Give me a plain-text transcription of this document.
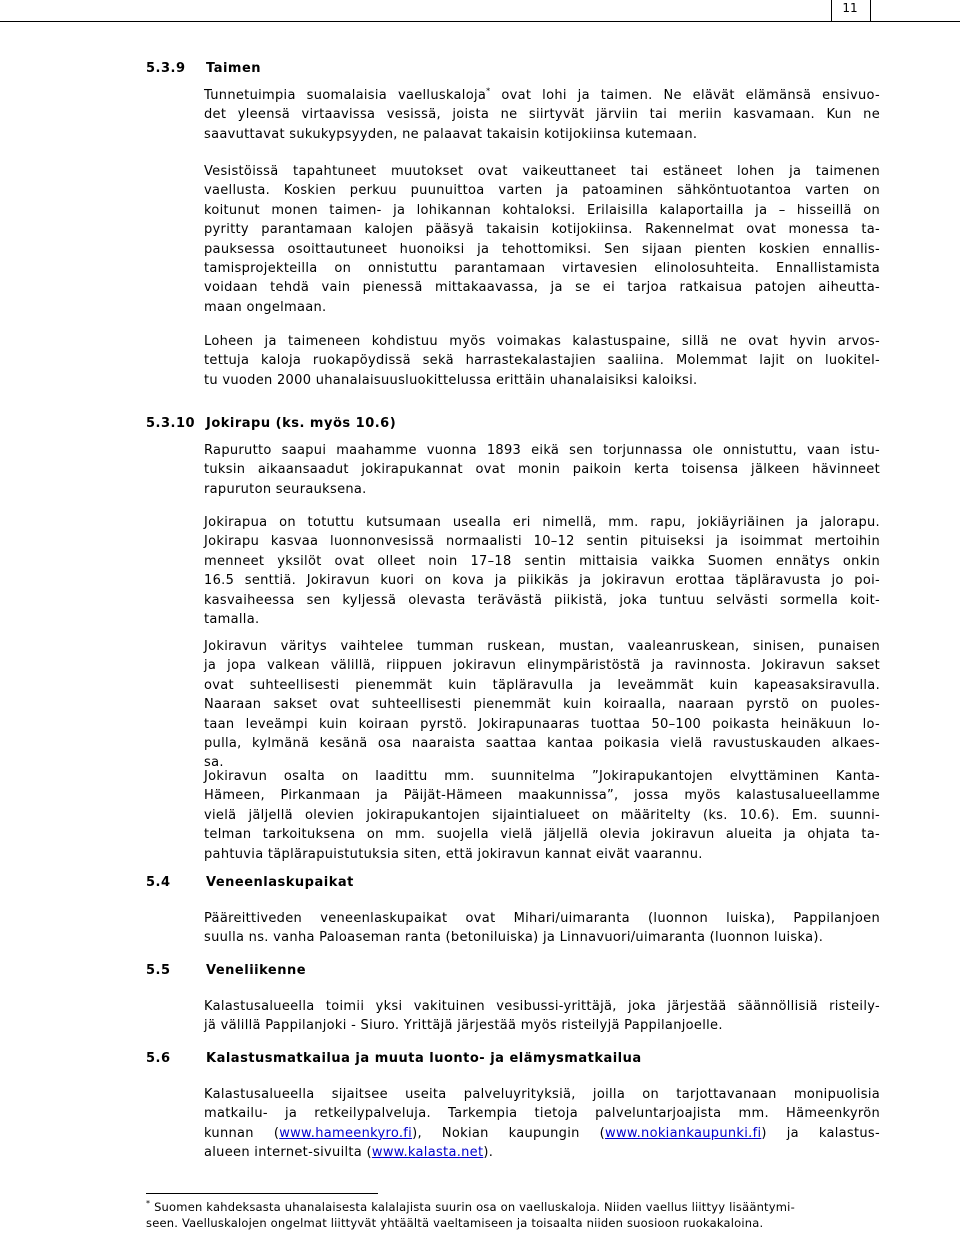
11
5.3.9 Taimen
Tunnetuimpia suomalaisia vaelluskaloja* ovat lohi ja taimen. Ne elävät elämänsä ensivuo-
det yleensä virtaavissa vesissä, joista ne siirtyvät järviin tai meriin kasvamaan. Kun ne
saavuttavat sukukypsyyden, ne palaavat takaisin kotijokiinsa kutemaan.
Vesistöissä tapahtuneet muutokset ovat vaikeuttaneet tai estäneet lohen ja taimenen
vaellusta. Koskien perkuu puunuittoa varten ja patoaminen sähköntuotantoa varten on
koitunut monen taimen- ja lohikannan kohtaloksi. Erilaisilla kalaportailla ja – hisseillä on
pyritty parantamaan kalojen pääsyä takaisin kotijokiinsa. Rakennelmat ovat monessa ta-
pauksessa osoittautuneet huonoiksi ja tehottomiksi. Sen sijaan pienten koskien ennallis-
tamisprojekteilla on onnistuttu parantamaan virtavesien elinolosuhteita. Ennallistamista
voidaan tehdä vain pienessä mittakaavassa, ja se ei tarjoa ratkaisua patojen aiheutta-
maan ongelmaan.
Loheen ja taimeneen kohdistuu myös voimakas kalastuspaine, sillä ne ovat hyvin arvos-
tettuja kaloja ruokapöydissä sekä harrastekalastajien saaliina. Molemmat lajit on luokitel-
tu vuoden 2000 uhanalaisuusluokittelussa erittäin uhanalaisiksi kaloiksi.
5.3.10 Jokirapu (ks. myös 10.6)
Rapurutto saapui maahamme vuonna 1893 eikä sen torjunnassa ole onnistuttu, vaan istu-
tuksin aikaansaadut jokirapukannat ovat monin paikoin kerta toisensa jälkeen hävinneet
rapuruton seurauksena.
Jokirapua on totuttu kutsumaan usealla eri nimellä, mm. rapu, jokiäyriäinen ja jalorapu.
Jokirapu kasvaa luonnonvesissä normaalisti 10–12 sentin pituiseksi ja isoimmat mertoihin
menneet yksilöt ovat olleet noin 17–18 sentin mittaisia vaikka Suomen ennätys onkin
16.5 senttiä. Jokiravun kuori on kova ja piikikäs ja jokiravun erottaa täpläravusta jo poi-
kasvaiheessa sen kyljessä olevasta terävästä piikistä, joka tuntuu selvästi sormella koit-
tamalla.
Jokiravun väritys vaihtelee tumman ruskean, mustan, vaaleanruskean, sinisen, punaisen
ja jopa valkean välillä, riippuen jokiravun elinympäristöstä ja ravinnosta. Jokiravun sakset
ovat suhteellisesti pienemmät kuin täpläravulla ja leveämmät kuin kapeasaksiravulla.
Naaraan sakset ovat suhteellisesti pienemmät kuin koiraalla, naaraan pyrstö on puoles-
taan leveämpi kuin koiraan pyrstö. Jokirapunaaras tuottaa 50–100 poikasta heinäkuun lo-
pulla, kylmänä kesänä osa naaraista saattaa kantaa poikasia vielä ravustuskauden alkaes-
sa.
Jokiravun osalta on laadittu mm. suunnitelma ”Jokirapukantojen elvyttäminen Kanta-
Hämeen, Pirkanmaan ja Päijät-Hämeen maakunnissa”, jossa myös kalastusalueellamme
vielä jäljellä olevien jokirapukantojen sijaintialueet on määritelty (ks. 10.6). Em. suunni-
telman tarkoituksena on mm. suojella vielä jäljellä olevia jokiravun alueita ja ohjata ta-
pahtuvia täplärapuistutuksia siten, että jokiravun kannat eivät vaarannu.
5.4	Veneenlaskupaikat
Pääreittiveden veneenlaskupaikat ovat Mihari/uimaranta (luonnon luiska), Pappilanjoen
suulla ns. vanha Paloaseman ranta (betoniluiska) ja Linnavuori/uimaranta (luonnon luiska).
5.5	Veneliikenne
Kalastusalueella toimii yksi vakituinen vesibussi-yrittäjä, joka järjestää säännöllisiä risteily-
jä välillä Pappilanjoki - Siuro. Yrittäjä järjestää myös risteilyjä Pappilanjoelle.
5.6	Kalastusmatkailua ja muuta luonto- ja elämysmatkailua
Kalastusalueella sijaitsee useita palveluyrityksiä, joilla on tarjottavanaan monipuolisia
matkailu- ja retkeilypalveluja. Tarkempia tietoja palveluntarjoajista mm. Hämeenkyrön
kunnan (www.hameenkyro.fi), Nokian kaupungin (www.nokiankaupunki.fi) ja kalastus-
alueen internet-sivuilta (www.kalasta.net).
* Suomen kahdeksasta uhanalaisesta kalalajista suurin osa on vaelluskaloja. Niiden vaellus liittyy lisääntymi-
seen. Vaelluskalojen ongelmat liittyvät yhtäältä vaeltamiseen ja toisaalta niiden suosioon ruokakaloina.
